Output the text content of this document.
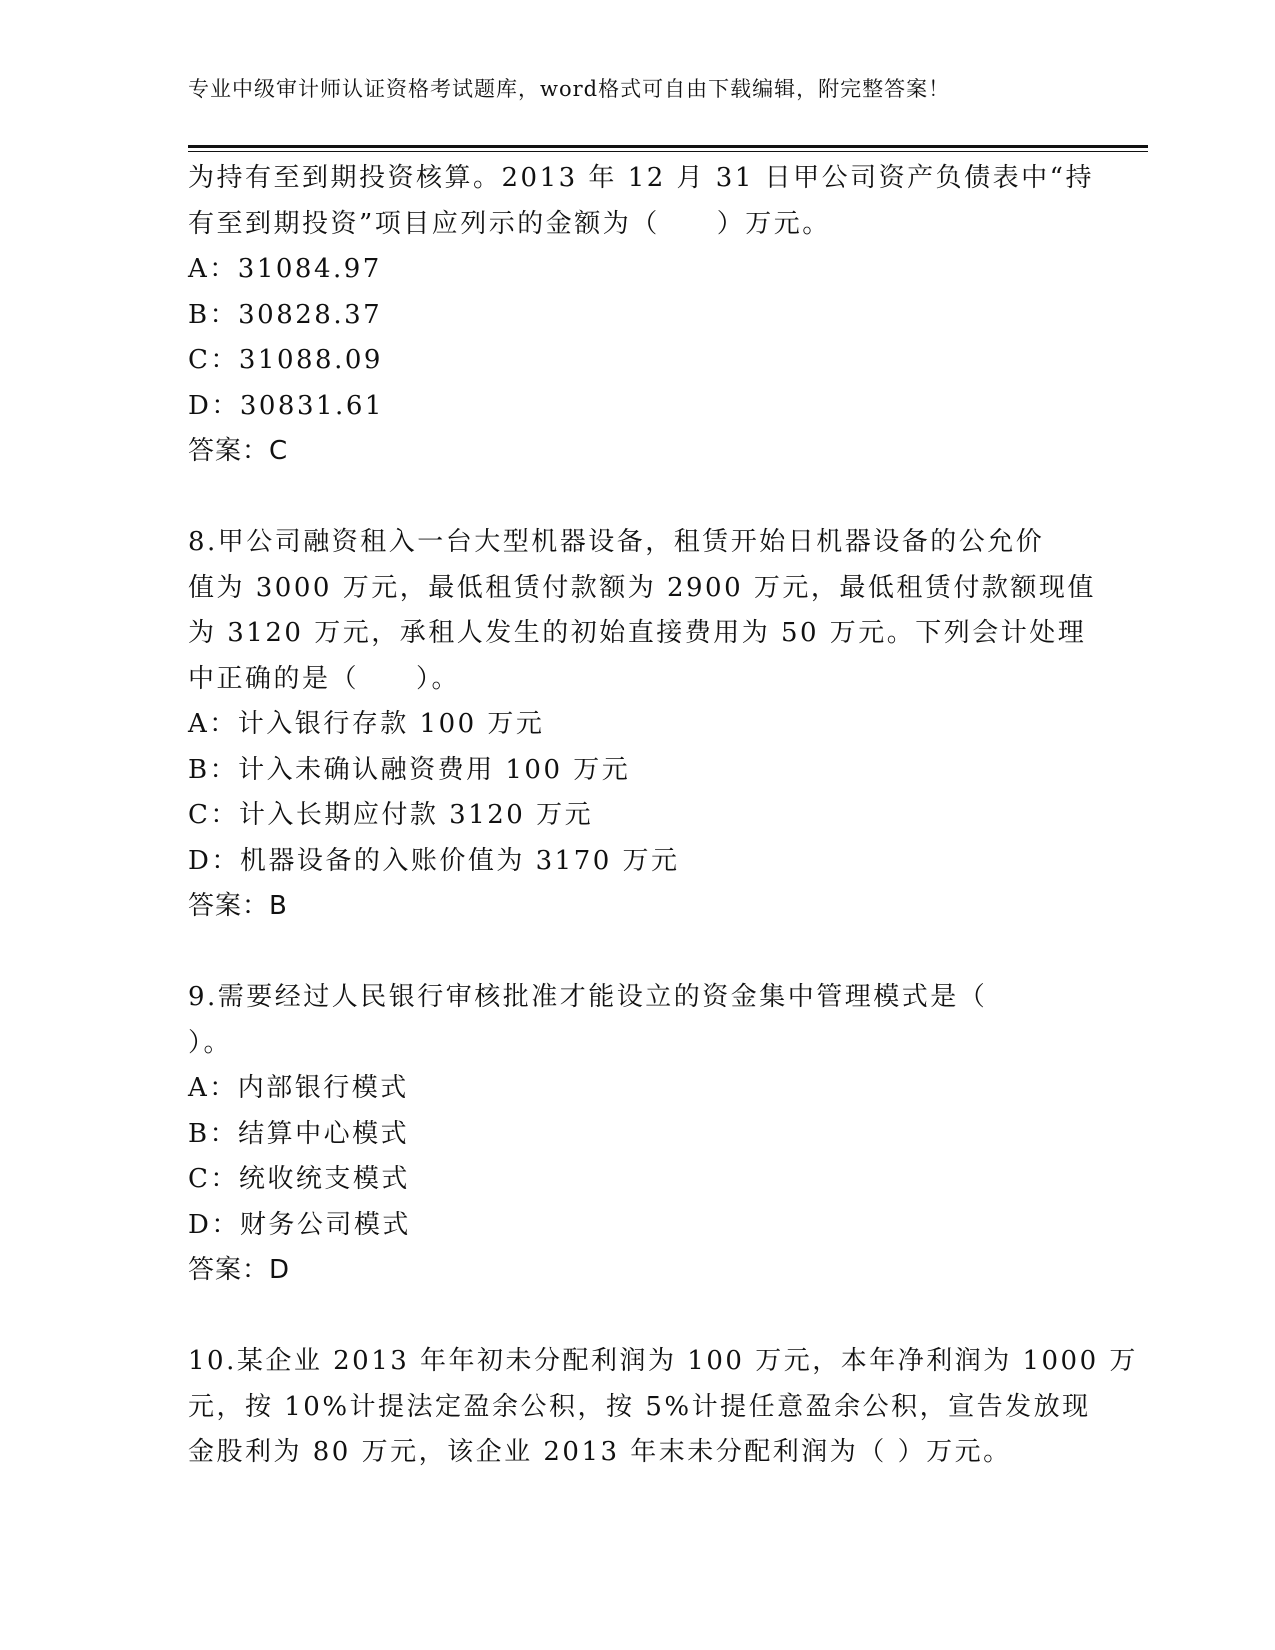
专业中级审计师认证资格考试题库，word格式可自由下载编辑，附完整答案！
为持有至到期投资核算。2013 年 12 月 31 日甲公司资产负债表中“持
有至到期投资”项目应列示的金额为（　　）万元。
A：31084.97
B：30828.37
C：31088.09
D：30831.61
答案：C
8.甲公司融资租入一台大型机器设备，租赁开始日机器设备的公允价
值为 3000 万元，最低租赁付款额为 2900 万元，最低租赁付款额现值
为 3120 万元，承租人发生的初始直接费用为 50 万元。下列会计处理
中正确的是（　　）。
A：计入银行存款 100 万元
B：计入未确认融资费用 100 万元
C：计入长期应付款 3120 万元
D：机器设备的入账价值为 3170 万元
答案：B
9.需要经过人民银行审核批准才能设立的资金集中管理模式是（
）。
A：内部银行模式
B：结算中心模式
C：统收统支模式
D：财务公司模式
答案：D
10.某企业 2013 年年初未分配利润为 100 万元，本年净利润为 1000 万
元，按 10%计提法定盈余公积，按 5%计提任意盈余公积，宣告发放现
金股利为 80 万元，该企业 2013 年末未分配利润为（ ）万元。
